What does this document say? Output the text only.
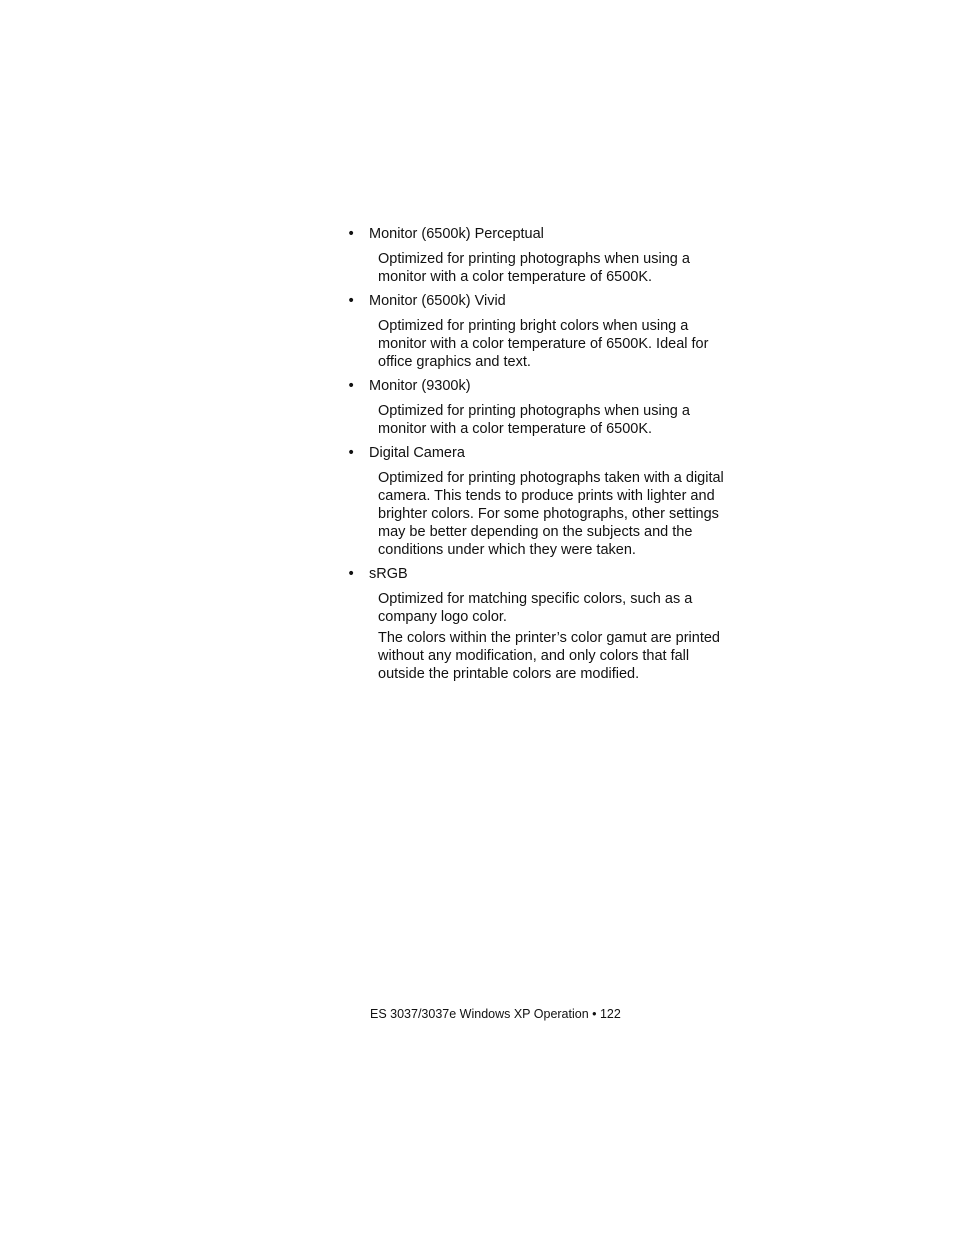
• Monitor (6500k) Perceptual

Optimized for printing photographs when using a monitor with a color temperature of 6500K.

• Monitor (6500k) Vivid

Optimized for printing bright colors when using a monitor with a color temperature of 6500K. Ideal for office graphics and text.

• Monitor (9300k)

Optimized for printing photographs when using a monitor with a color temperature of 6500K.

• Digital Camera

Optimized for printing photographs taken with a digital camera. This tends to produce prints with lighter and brighter colors. For some photographs, other settings may be better depending on the subjects and the conditions under which they were taken.

• sRGB

Optimized for matching specific colors, such as a company logo color.

The colors within the printer’s color gamut are printed without any modification, and only colors that fall outside the printable colors are modified.

ES 3037/3037e Windows XP Operation • 122
